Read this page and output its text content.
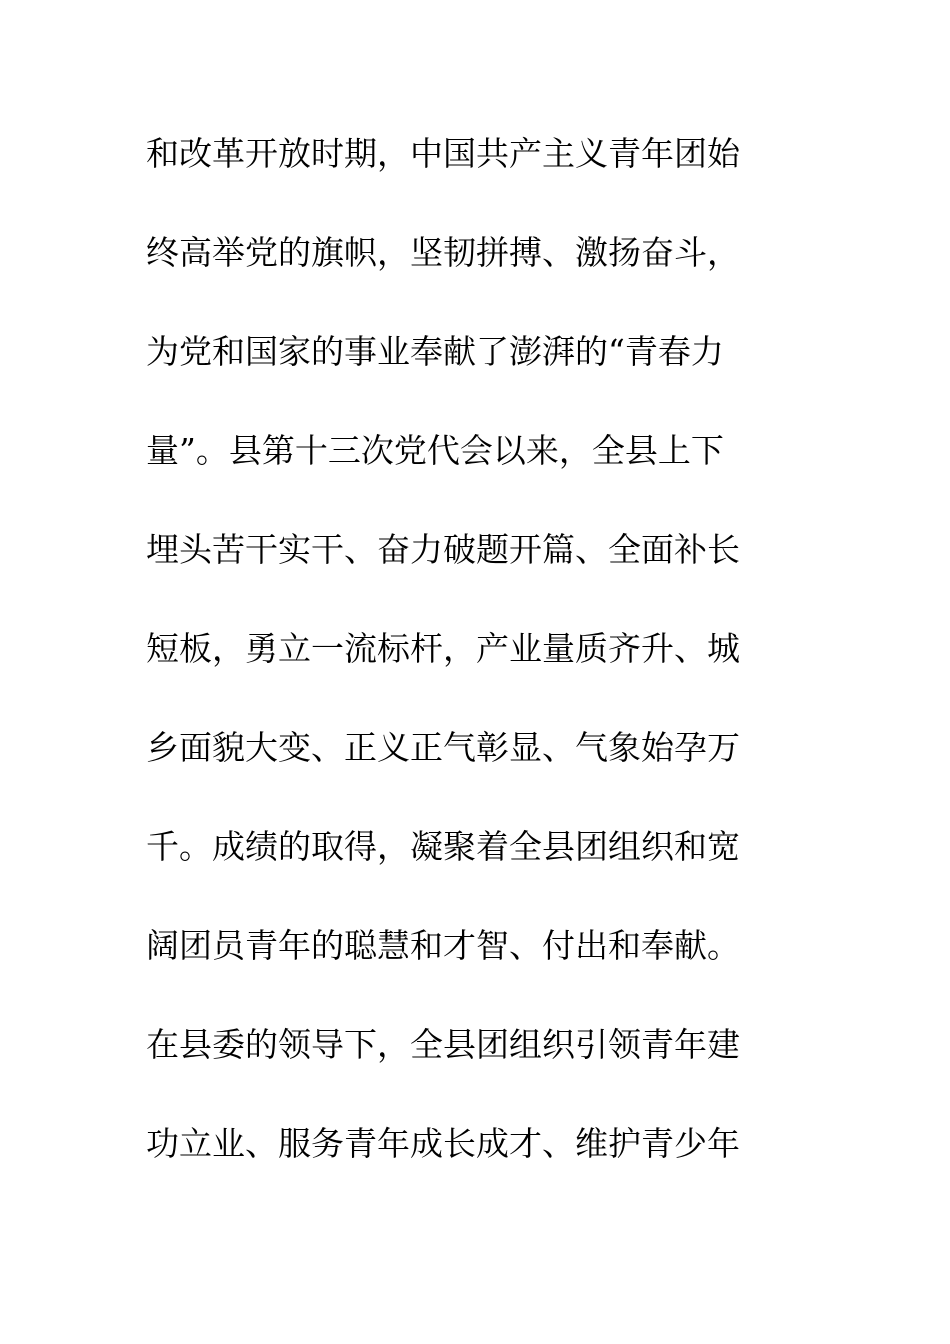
和改革开放时期，中国共产主义青年团始
终高举党的旗帜，坚韧拼搏、激扬奋斗，
为党和国家的事业奉献了澎湃的“青春力
量”。县第十三次党代会以来，全县上下
埋头苦干实干、奋力破题开篇、全面补长
短板，勇立一流标杆，产业量质齐升、城
乡面貌大变、正义正气彰显、气象始孕万
千。成绩的取得，凝聚着全县团组织和宽
阔团员青年的聪慧和才智、付出和奉献。
在县委的领导下，全县团组织引领青年建
功立业、服务青年成长成才、维护青少年
